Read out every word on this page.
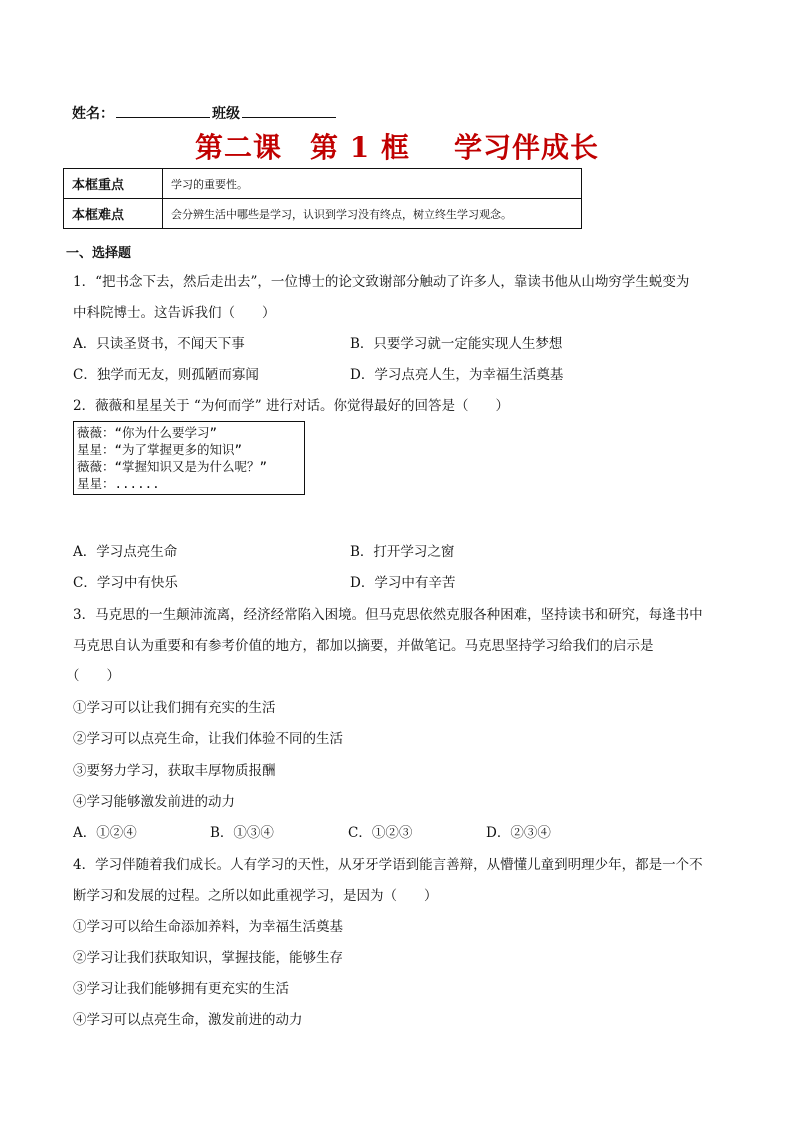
姓名：	班级
第二课 第 1 框 学习伴成长
本框重点	学习的重要性。
本框难点	会分辨生活中哪些是学习，认识到学习没有终点，树立终生学习观念。
一、选择题
1．“把书念下去，然后走出去”，一位博士的论文致谢部分触动了许多人，靠读书他从山坳穷学生蜕变为
中科院博士。这告诉我们（　　）
A．只读圣贤书，不闻天下事	B．只要学习就一定能实现人生梦想
C．独学而无友，则孤陋而寡闻	D．学习点亮人生，为幸福生活奠基
2．薇薇和星星关于 “为何而学” 进行对话。你觉得最好的回答是（　　）
薇薇：“你为什么要学习”
星星：“为了掌握更多的知识”
薇薇：“掌握知识又是为什么呢？”
星星：......
A．学习点亮生命	B．打开学习之窗
C．学习中有快乐	D．学习中有辛苦
3．马克思的一生颠沛流离，经济经常陷入困境。但马克思依然克服各种困难，坚持读书和研究，每逢书中
马克思自认为重要和有参考价值的地方，都加以摘要，并做笔记。马克思坚持学习给我们的启示是
（　　）
①学习可以让我们拥有充实的生活
②学习可以点亮生命，让我们体验不同的生活
③要努力学习，获取丰厚物质报酬
④学习能够激发前进的动力
A．①②④	B．①③④	C．①②③	D．②③④
4．学习伴随着我们成长。人有学习的天性，从牙牙学语到能言善辩，从懵懂儿童到明理少年，都是一个不
断学习和发展的过程。之所以如此重视学习，是因为（　　）
①学习可以给生命添加养料，为幸福生活奠基
②学习让我们获取知识，掌握技能，能够生存
③学习让我们能够拥有更充实的生活
④学习可以点亮生命，激发前进的动力
